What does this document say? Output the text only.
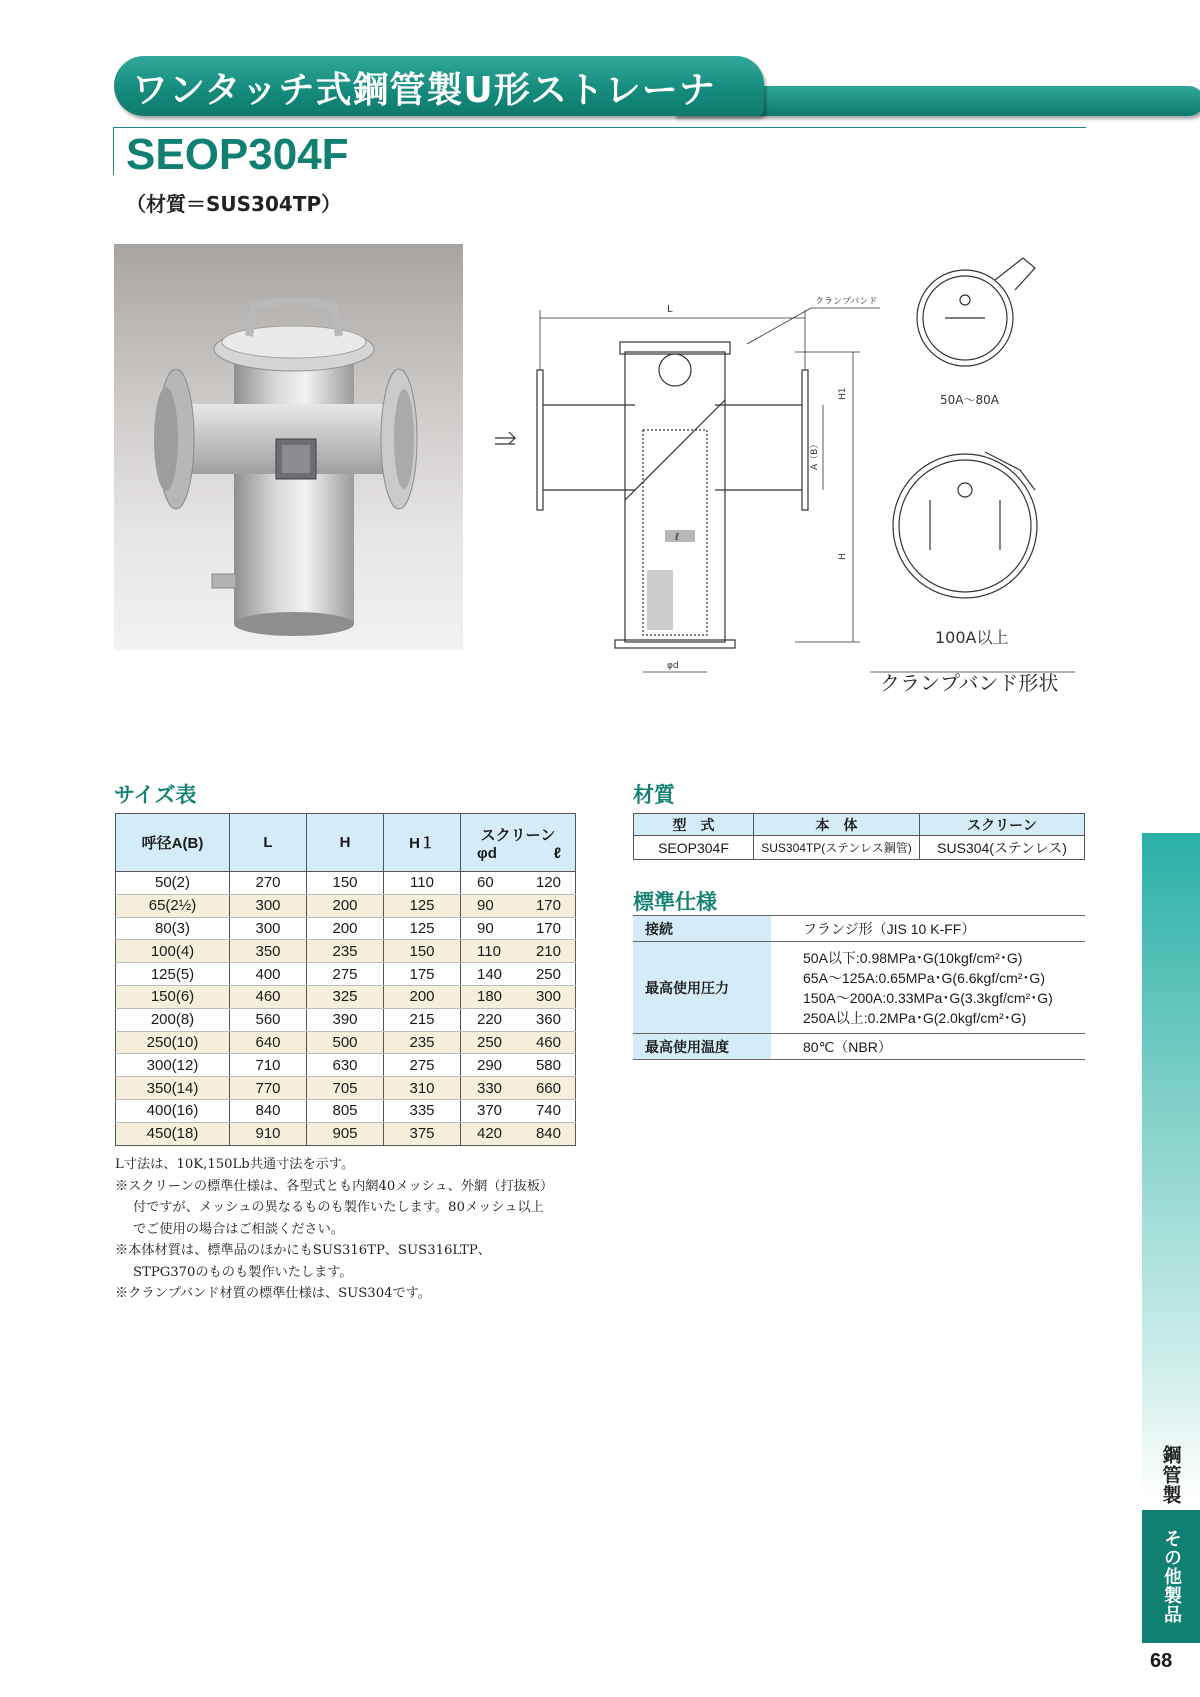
ワンタッチ式鋼管製U形ストレーナ
SEOP304F
（材質＝SUS304TP）
L
クランプバンド
H1
A（B）
H
ℓ
φd
50A～80A
100A以上
クランプバンド形状
サイズ表
呼径A(B)	L	H	H１	スクリーン
φd ℓ

50(2)	270	150	110	60 120

65(2½)	300	200	125	90 170

80(3)	300	200	125	90 170

100(4)	350	235	150	110 210

125(5)	400	275	175	140 250

150(6)	460	325	200	180 300

200(8)	560	390	215	220 360

250(10)	640	500	235	250 460

300(12)	710	630	275	290 580

350(14)	770	705	310	330 660

400(16)	840	805	335	370 740

450(18)	910	905	375	420 840
L寸法は、10K,150Lb共通寸法を示す。
※スクリーンの標準仕様は、各型式とも内網40メッシュ、外網（打抜板）
付ですが、メッシュの異なるものも製作いたします。80メッシュ以上
でご使用の場合はご相談ください。
※本体材質は、標準品のほかにもSUS316TP、SUS316LTP、
STPG370のものも製作いたします。
※クランプバンド材質の標準仕様は、SUS304です。
材質
型　式	本　体	スクリーン
SEOP304F	SUS304TP(ステンレス鋼管)	SUS304(ステンレス)
標準仕様
接続	フランジ形（JIS 10 K-FF）
最高使用圧力	50A以下:0.98MPa･G(10kgf/cm²･G)
65A～125A:0.65MPa･G(6.6kgf/cm²･G)
150A～200A:0.33MPa･G(3.3kgf/cm²･G)
250A以上:0.2MPa･G(2.0kgf/cm²･G)

最高使用温度	80℃（NBR）
鋼管製
その他製品
68
